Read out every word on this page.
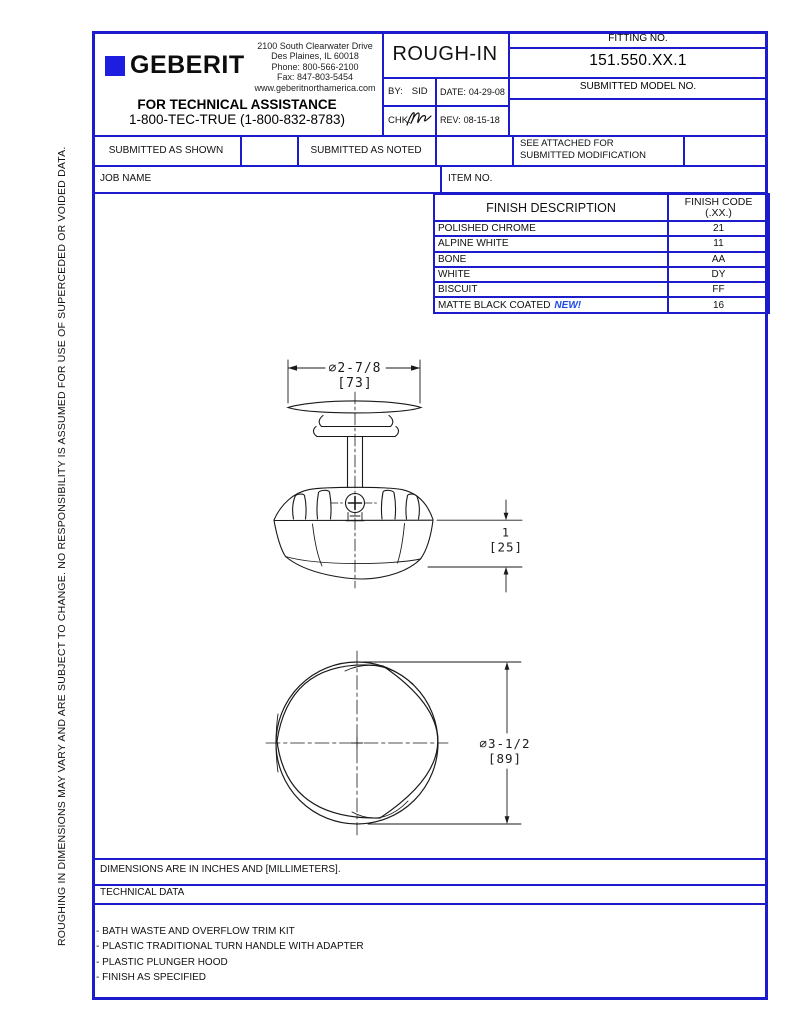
ROUGHING IN DIMENSIONS MAY VARY AND ARE SUBJECT TO CHANGE. NO RESPONSIBILITY IS ASSUMED FOR USE OF SUPERCEDED OR VOIDED DATA.
GEBERIT
2100 South Clearwater Drive
Des Plaines, IL 60018
Phone: 800-566-2100
Fax: 847-803-5454
www.geberitnorthamerica.com
FOR TECHNICAL ASSISTANCE
1-800-TEC-TRUE (1-800-832-8783)
ROUGH-IN
BY: SID DATE: 04-29-08
CHK:	REV: 08-15-18
FITTING NO.
151.550.XX.1
SUBMITTED MODEL NO.
SUBMITTED AS SHOWN	SUBMITTED AS NOTED
SEE ATTACHED FOR
SUBMITTED MODIFICATION
JOB NAME	ITEM NO.
FINISH DESCRIPTION	FINISH CODE
(.XX.)

POLISHED CHROME	21
ALPINE WHITE	11
BONE	AA
WHITE	DY
BISCUIT	FF
MATTE BLACK COATED NEW!	16
∅2-7/8
[73]
1
[25]
∅3-1/2
[89]
DIMENSIONS ARE IN INCHES AND [MILLIMETERS].
TECHNICAL DATA
- BATH WASTE AND OVERFLOW TRIM KIT
- PLASTIC TRADITIONAL TURN HANDLE WITH ADAPTER
- PLASTIC PLUNGER HOOD
- FINISH AS SPECIFIED
